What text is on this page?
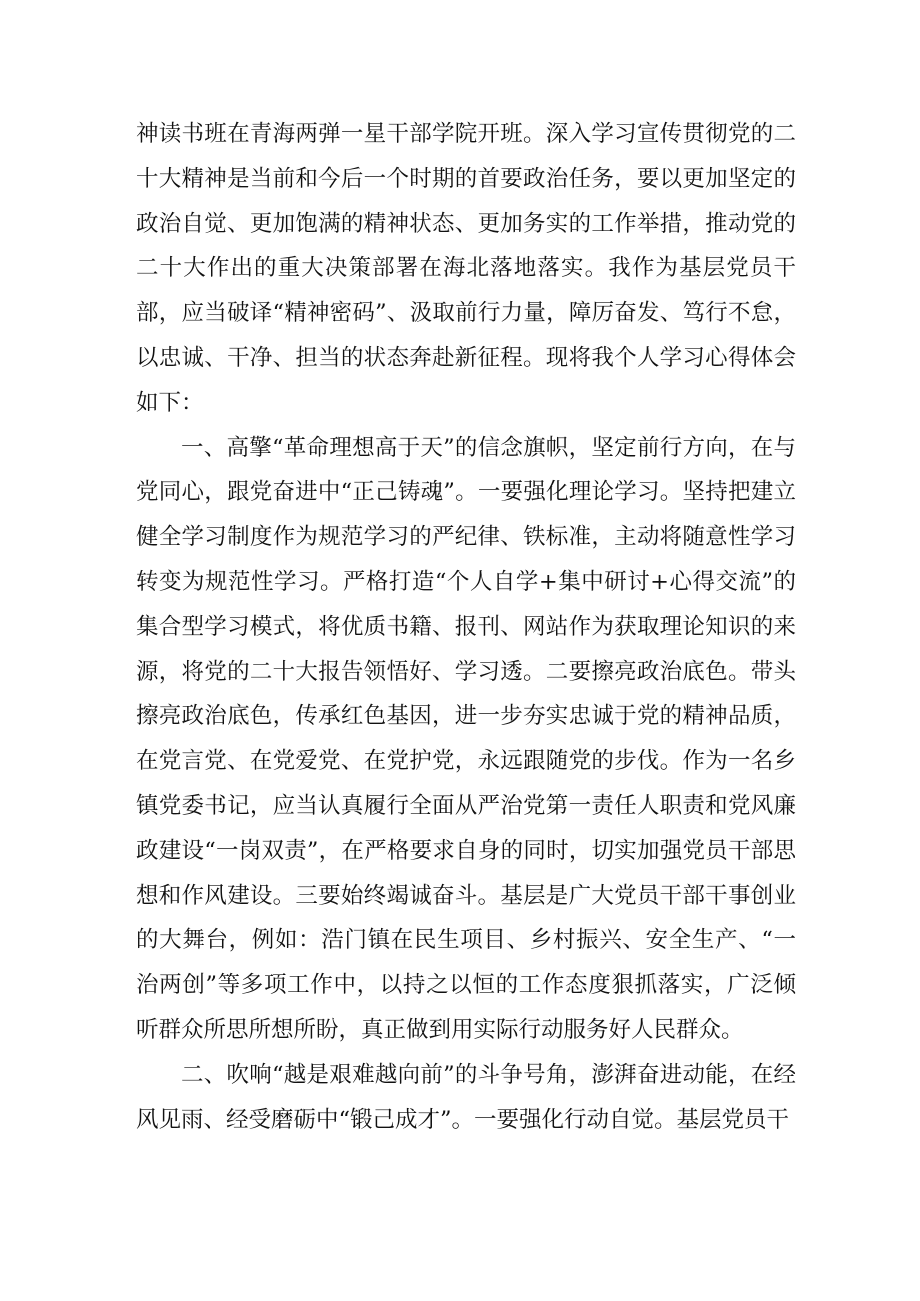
神读书班在青海两弹一星干部学院开班。深入学习宣传贯彻党的二十大精神是当前和今后一个时期的首要政治任务，要以更加坚定的政治自觉、更加饱满的精神状态、更加务实的工作举措，推动党的二十大作出的重大决策部署在海北落地落实。我作为基层党员干部，应当破译“精神密码”、汲取前行力量，障厉奋发、笃行不怠，以忠诚、干净、担当的状态奔赴新征程。现将我个人学习心得体会如下：

一、高擎“革命理想高于天”的信念旗帜，坚定前行方向，在与党同心，跟党奋进中“正己铸魂”。一要强化理论学习。坚持把建立健全学习制度作为规范学习的严纪律、铁标准，主动将随意性学习转变为规范性学习。严格打造“个人自学+集中研讨+心得交流”的集合型学习模式，将优质书籍、报刊、网站作为获取理论知识的来源，将党的二十大报告领悟好、学习透。二要擦亮政治底色。带头擦亮政治底色，传承红色基因，进一步夯实忠诚于党的精神品质，在党言党、在党爱党、在党护党，永远跟随党的步伐。作为一名乡镇党委书记，应当认真履行全面从严治党第一责任人职责和党风廉政建设“一岗双责”，在严格要求自身的同时，切实加强党员干部思想和作风建设。三要始终竭诚奋斗。基层是广大党员干部干事创业的大舞台，例如：浩门镇在民生项目、乡村振兴、安全生产、“一治两创”等多项工作中，以持之以恒的工作态度狠抓落实，广泛倾听群众所思所想所盼，真正做到用实际行动服务好人民群众。

二、吹响“越是艰难越向前”的斗争号角，澎湃奋进动能，在经风见雨、经受磨砺中“锻己成才”。一要强化行动自觉。基层党员干
